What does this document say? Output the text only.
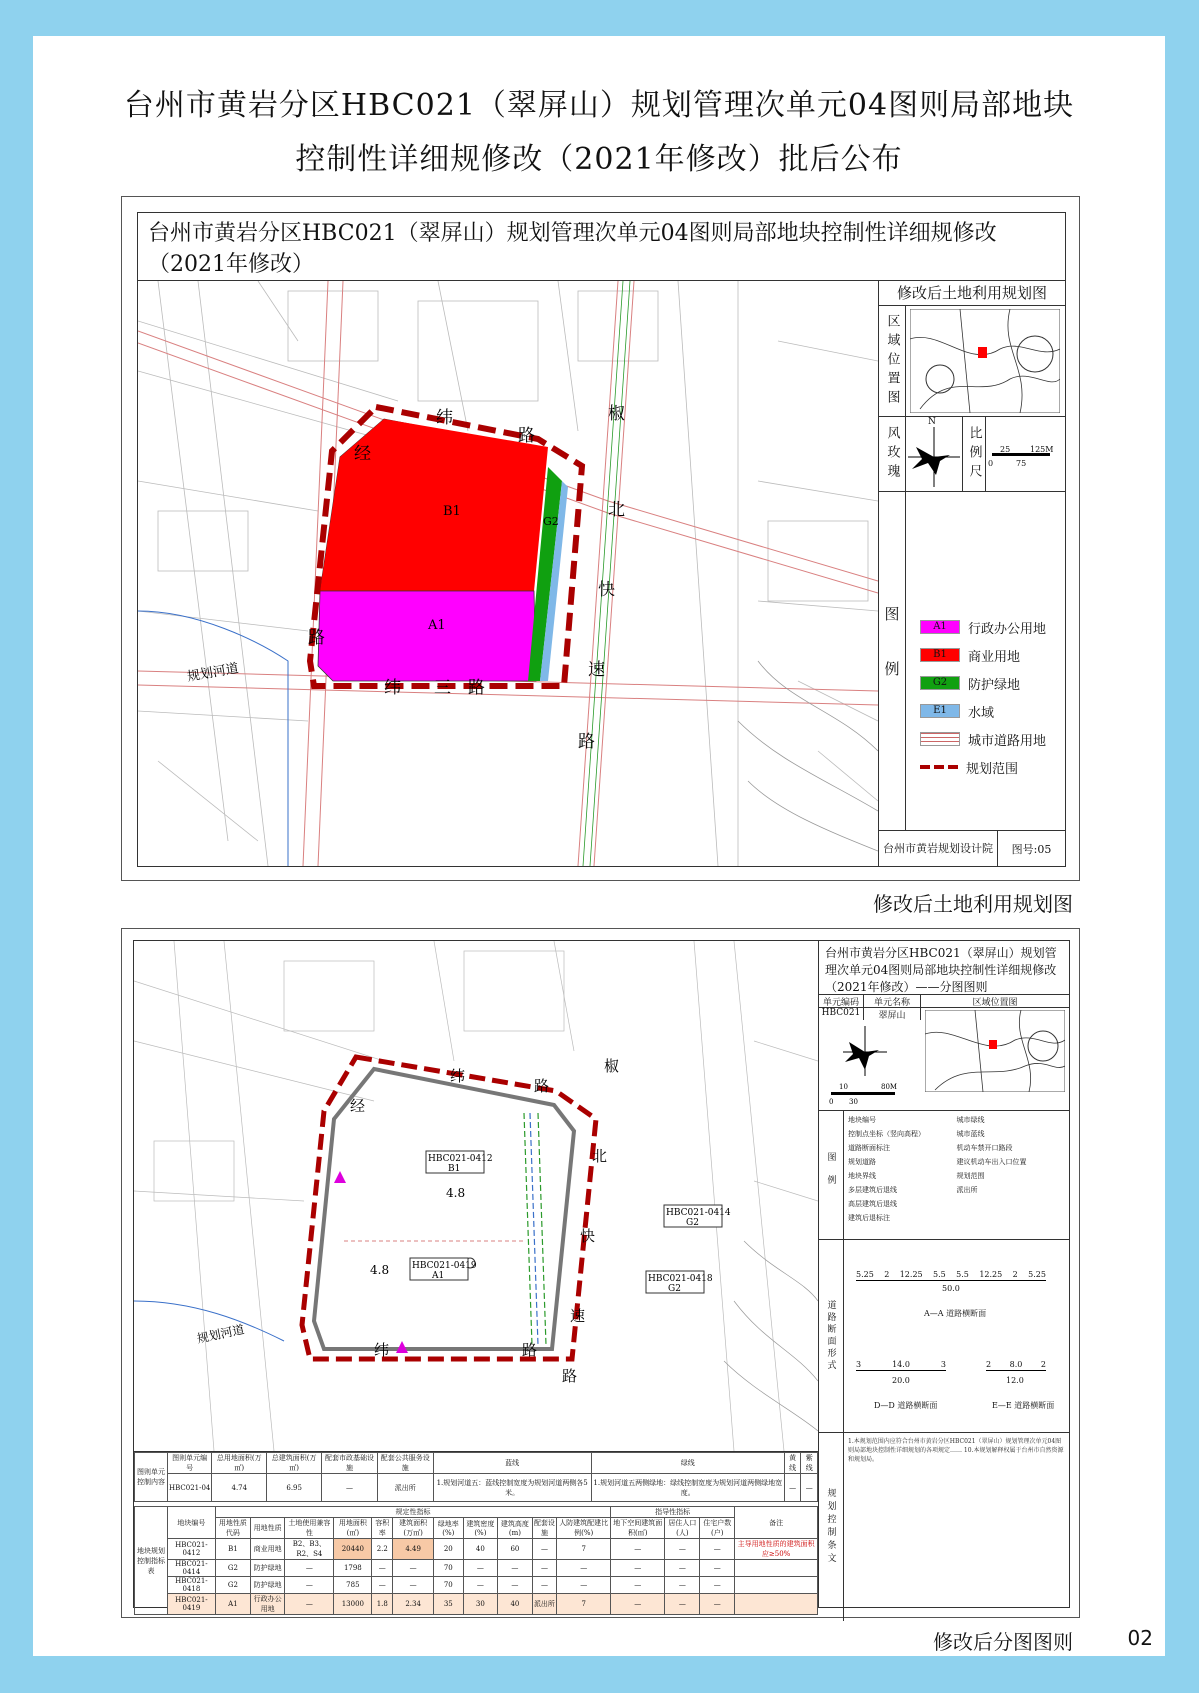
台州市黄岩分区HBC021（翠屏山）规划管理次单元04图则局部地块
控制性详细规修改（2021年修改）批后公布
台州市黄岩分区HBC021（翠屏山）规划管理次单元04图则局部地块控制性详细规修改（2021年修改）
B1
A1
G2
规划河道
纬
路
椒
北
快
速
路
经
路
纬 三 路
修改后土地利用规划图
区域位置图
风玫瑰
N
比例尺 0
25
75
125M
图例	A1	行政办公用地
B1	商业用地
G2	防护绿地
E1	水域
城市道路用地
规划范围
台州市黄岩规划设计院	图号:05
修改后土地利用规划图
HBC021-0412
B1
4.8
HBC021-0419
A1
4.8
HBC021-0414
G2
HBC021-0418
G2
规划河道
纬
路
椒
北
快
速
路
经
纬	路
图则单元控制内容	图则单元编号	总用地面积(万㎡)	总建筑面积(万㎡)	配套市政基础设施	配套公共服务设施	蓝线	绿线	黄线	紫线
	HBC021-04	4.74	6.95	—	派出所	1.规划河道五：蓝线控制宽度为规划河道两侧各5米。	1.规划河道五两侧绿地：绿线控制宽度为规划河道两侧绿地宽度。	—	—
地块规划控制指标表	地块编号	规定性指标											指导性指标			备注
		用地性质代码	用地性质	土地使用兼容性	用地面积(㎡)	容积率	建筑面积(万㎡)	绿地率(%)	建筑密度(%)	建筑高度(m)	配套设施	人防建筑配建比例(%)	地下空间建筑面积(㎡)	居住人口(人)	住宅户数(户)	
	HBC021-0412	B1	商业用地	B2、B3、R2、S4	20440	2.2	4.49	20	40	60	—	7	—	—	—	主导用地性质的建筑面积应≥50%
	HBC021-0414	G2	防护绿地	—	1798	—	—	70	—	—	—	—	—	—	—	
	HBC021-0418	G2	防护绿地	—	785	—	—	70	—	—	—	—	—	—	—	
	HBC021-0419	A1	行政办公用地	—	13000	1.8	2.34	35	30	40	派出所	7	—	—	—	
台州市黄岩分区HBC021（翠屏山）规划管理次单元04图则局部地块控制性详细规修改（2021年修改）——分图图则
单元编码	单元名称	区域位置图
HBC021	翠屏山
0
10
30
80M
图例
地块编号	城市绿线
控制点坐标（竖向高程）	城市蓝线
道路断面标注	机动车禁开口路段
规划道路	建议机动车出入口位置
地块界线	规划范围
多层建筑后退线	派出所
高层建筑后退线
建筑后退标注
道路断面形式
5.25 2 12.25 5.5 5.5 12.25 2 5.25
50.0
A—A 道路横断面
3	14.0	3
20.0
D—D 道路横断面
2 8.0 2
12.0
E—E 道路横断面
规划控制条文
1.本规划范围内应符合台州市黄岩分区HBC021（翠屏山）规划管理次单元04图则局部地块控制性详细规划的各项规定…… 10.本规划解释权属于台州市自然资源和规划局。
修改后分图图则	02
